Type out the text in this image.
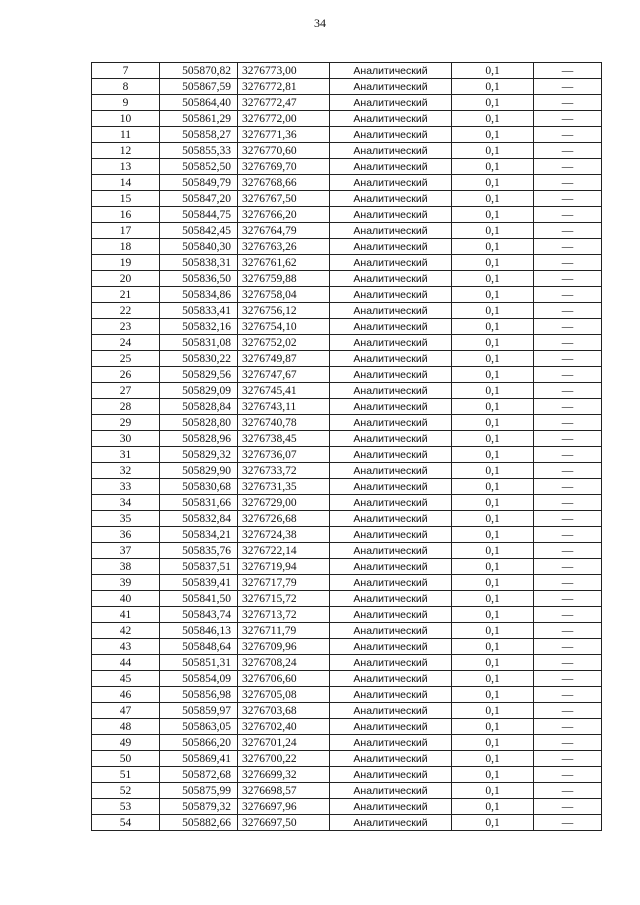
34
7	505870,82	3276773,00	Аналитический	0,1	—
8	505867,59	3276772,81	Аналитический	0,1	—
9	505864,40	3276772,47	Аналитический	0,1	—
10	505861,29	3276772,00	Аналитический	0,1	—
11	505858,27	3276771,36	Аналитический	0,1	—
12	505855,33	3276770,60	Аналитический	0,1	—
13	505852,50	3276769,70	Аналитический	0,1	—
14	505849,79	3276768,66	Аналитический	0,1	—
15	505847,20	3276767,50	Аналитический	0,1	—
16	505844,75	3276766,20	Аналитический	0,1	—
17	505842,45	3276764,79	Аналитический	0,1	—
18	505840,30	3276763,26	Аналитический	0,1	—
19	505838,31	3276761,62	Аналитический	0,1	—
20	505836,50	3276759,88	Аналитический	0,1	—
21	505834,86	3276758,04	Аналитический	0,1	—
22	505833,41	3276756,12	Аналитический	0,1	—
23	505832,16	3276754,10	Аналитический	0,1	—
24	505831,08	3276752,02	Аналитический	0,1	—
25	505830,22	3276749,87	Аналитический	0,1	—
26	505829,56	3276747,67	Аналитический	0,1	—
27	505829,09	3276745,41	Аналитический	0,1	—
28	505828,84	3276743,11	Аналитический	0,1	—
29	505828,80	3276740,78	Аналитический	0,1	—
30	505828,96	3276738,45	Аналитический	0,1	—
31	505829,32	3276736,07	Аналитический	0,1	—
32	505829,90	3276733,72	Аналитический	0,1	—
33	505830,68	3276731,35	Аналитический	0,1	—
34	505831,66	3276729,00	Аналитический	0,1	—
35	505832,84	3276726,68	Аналитический	0,1	—
36	505834,21	3276724,38	Аналитический	0,1	—
37	505835,76	3276722,14	Аналитический	0,1	—
38	505837,51	3276719,94	Аналитический	0,1	—
39	505839,41	3276717,79	Аналитический	0,1	—
40	505841,50	3276715,72	Аналитический	0,1	—
41	505843,74	3276713,72	Аналитический	0,1	—
42	505846,13	3276711,79	Аналитический	0,1	—
43	505848,64	3276709,96	Аналитический	0,1	—
44	505851,31	3276708,24	Аналитический	0,1	—
45	505854,09	3276706,60	Аналитический	0,1	—
46	505856,98	3276705,08	Аналитический	0,1	—
47	505859,97	3276703,68	Аналитический	0,1	—
48	505863,05	3276702,40	Аналитический	0,1	—
49	505866,20	3276701,24	Аналитический	0,1	—
50	505869,41	3276700,22	Аналитический	0,1	—
51	505872,68	3276699,32	Аналитический	0,1	—
52	505875,99	3276698,57	Аналитический	0,1	—
53	505879,32	3276697,96	Аналитический	0,1	—
54	505882,66	3276697,50	Аналитический	0,1	—
